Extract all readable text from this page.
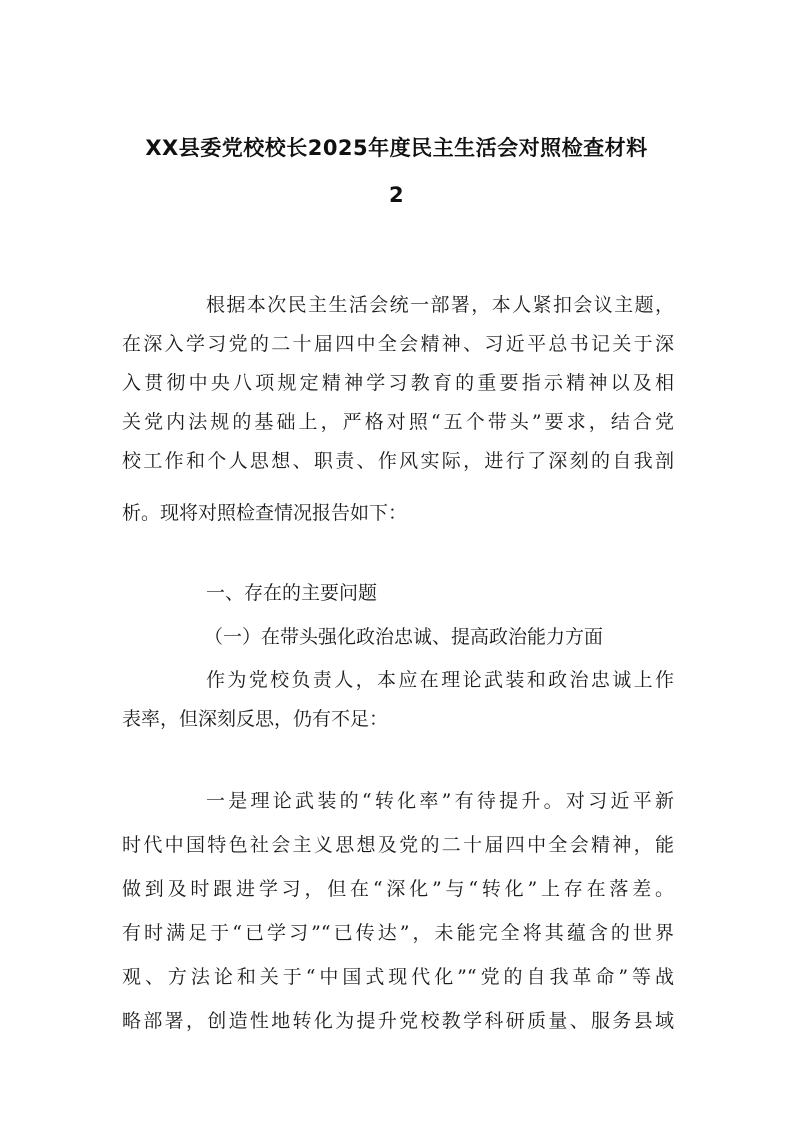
XX县委党校校长2025年度民主生活会对照检查材料
2
根据本次民主生活会统一部署，本人紧扣会议主题，
在深入学习党的二十届四中全会精神、习近平总书记关于深
入贯彻中央八项规定精神学习教育的重要指示精神以及相
关党内法规的基础上，严格对照“五个带头”要求，结合党
校工作和个人思想、职责、作风实际，进行了深刻的自我剖
析。现将对照检查情况报告如下：
一、存在的主要问题
（一）在带头强化政治忠诚、提高政治能力方面
作为党校负责人，本应在理论武装和政治忠诚上作
表率，但深刻反思，仍有不足：
一是理论武装的“转化率”有待提升。对习近平新
时代中国特色社会主义思想及党的二十届四中全会精神，能
做到及时跟进学习，但在“深化”与“转化”上存在落差。
有时满足于“已学习”“已传达”，未能完全将其蕴含的世界
观、方法论和关于“中国式现代化”“党的自我革命”等战
略部署，创造性地转化为提升党校教学科研质量、服务县域
